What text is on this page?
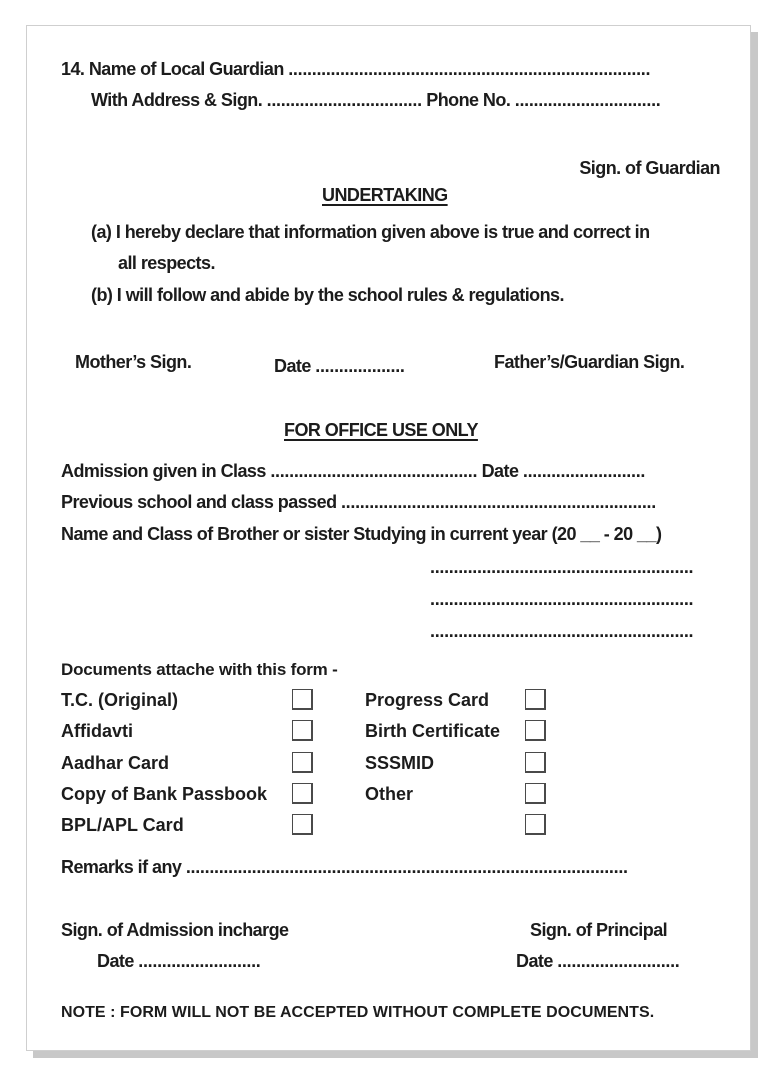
14. Name of Local Guardian .............................................................................
With Address & Sign. ................................. Phone No. ...............................
Sign. of Guardian
UNDERTAKING
(a) I hereby declare that information given above is true and correct in
all respects.
(b) I will follow and abide by the school rules & regulations.
Mother’s Sign.	Date ...................	Father’s/Guardian Sign.
FOR OFFICE USE ONLY
Admission given in Class ............................................ Date ..........................
Previous school and class passed ...................................................................
Name and Class of Brother or sister Studying in current year (20 __ - 20 __)
........................................................
........................................................
........................................................
Documents attache with this form -
T.C. (Original)	Progress Card
Affidavti	Birth Certificate
Aadhar Card	SSSMID
Copy of Bank Passbook	Other
BPL/APL Card
Remarks if any ..............................................................................................
Sign. of Admission incharge	Sign. of Principal
Date ..........................	Date ..........................
NOTE : FORM WILL NOT BE ACCEPTED WITHOUT COMPLETE DOCUMENTS.
